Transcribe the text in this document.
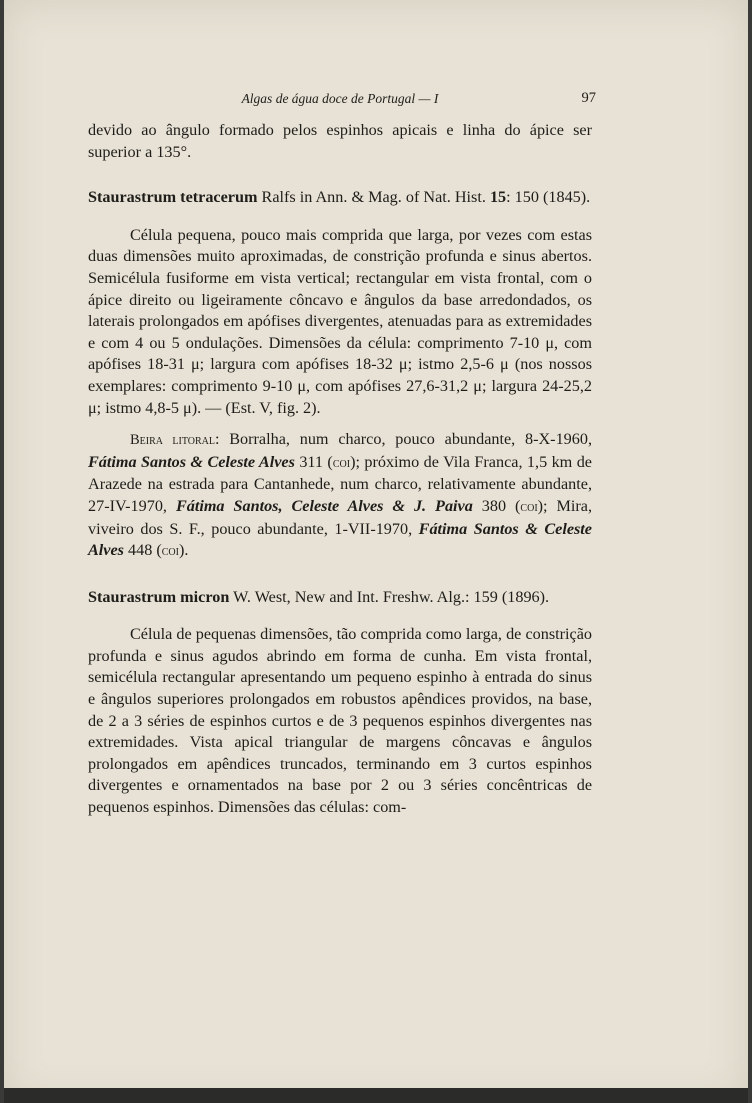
Algas de água doce de Portugal — I	97

devido ao ângulo formado pelos espinhos apicais e linha do ápice ser superior a 135°.

Staurastrum tetracerum Ralfs in Ann. & Mag. of Nat. Hist. 15: 150 (1845).

Célula pequena, pouco mais comprida que larga, por vezes com estas duas dimensões muito aproximadas, de constrição profunda e sinus abertos. Semicélula fusiforme em vista vertical; rectangular em vista frontal, com o ápice direito ou ligeiramente côncavo e ângulos da base arredondados, os laterais prolongados em apófises divergentes, atenuadas para as extremidades e com 4 ou 5 ondulações. Dimensões da célula: comprimento 7-10 μ, com apófises 18-31 μ; largura com apófises 18-32 μ; istmo 2,5-6 μ (nos nossos exemplares: comprimento 9-10 μ, com apófises 27,6-31,2 μ; largura 24-25,2 μ; istmo 4,8-5 μ). — (Est. V, fig. 2).

Beira litoral: Borralha, num charco, pouco abundante, 8-X-1960, Fátima Santos & Celeste Alves 311 (coi); próximo de Vila Franca, 1,5 km de Arazede na estrada para Cantanhede, num charco, relativamente abundante, 27-IV-1970, Fátima Santos, Celeste Alves & J. Paiva 380 (coi); Mira, viveiro dos S. F., pouco abundante, 1-VII-1970, Fátima Santos & Celeste Alves 448 (coi).

Staurastrum micron W. West, New and Int. Freshw. Alg.: 159 (1896).

Célula de pequenas dimensões, tão comprida como larga, de constrição profunda e sinus agudos abrindo em forma de cunha. Em vista frontal, semicélula rectangular apresentando um pequeno espinho à entrada do sinus e ângulos superiores prolongados em robustos apêndices providos, na base, de 2 a 3 séries de espinhos curtos e de 3 pequenos espinhos divergentes nas extremidades. Vista apical triangular de margens côncavas e ângulos prolongados em apêndices truncados, terminando em 3 curtos espinhos divergentes e ornamentados na base por 2 ou 3 séries concêntricas de pequenos espinhos. Dimensões das células: com-
